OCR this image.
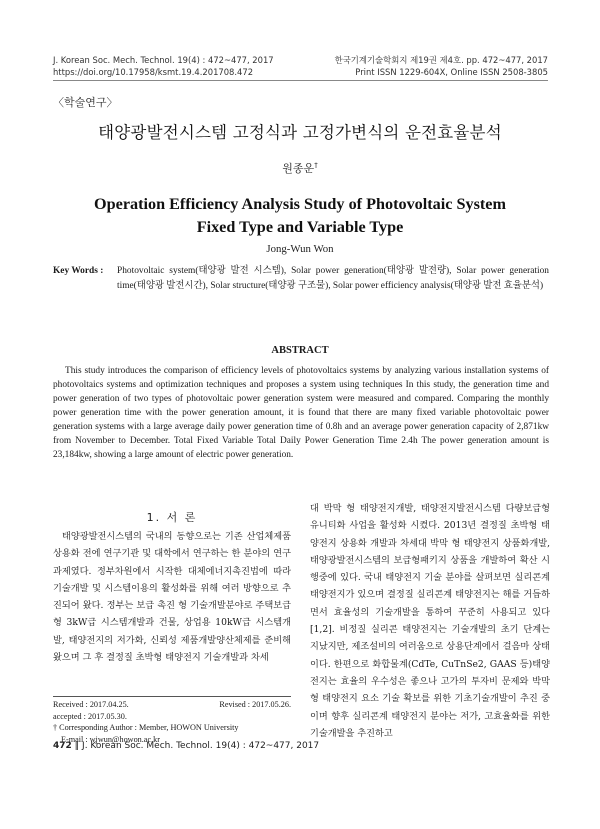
J. Korean Soc. Mech. Technol. 19(4) : 472~477, 2017
https://doi.org/10.17958/ksmt.19.4.201708.472
한국기계기술학회지 제19권 제4호. pp. 472~477, 2017
Print ISSN 1229-604X, Online ISSN 2508-3805
〈학술연구〉
태양광발전시스템 고정식과 고정가변식의 운전효율분석
원종운†
Operation Efficiency Analysis Study of Photovoltaic System
Fixed Type and Variable Type
Jong-Wun Won
Key Words : Photovoltaic system(태양광 발전 시스템), Solar power generation(태양광 발전량), Solar power generation time(태양광 발전시간), Solar structure(태양광 구조물), Solar power efficiency analysis(태양광 발전 효율분석)
ABSTRACT
This study introduces the comparison of efficiency levels of photovoltaics systems by analyzing various installation systems of photovoltaics systems and optimization techniques and proposes a system using techniques In this study, the generation time and power generation of two types of photovoltaic power generation system were measured and compared. Comparing the monthly power generation time with the power generation amount, it is found that there are many fixed variable photovoltaic power generation systems with a large average daily power generation time of 0.8h and an average power generation capacity of 2,871kw from November to December. Total Fixed Variable Total Daily Power Generation Time 2.4h The power generation amount is 23,184kw, showing a large amount of electric power generation.
1. 서 론
태양광발전시스템의 국내의 동향으로는 기존 산업체제품상용화 전에 연구기관 및 대학에서 연구하는 한 분야의 연구과제였다. 정부차원에서 시작한 대체에너지촉진법에 따라 기술개발 및 시스템이용의 활성화를 위해 여러 방향으로 추진되어 왔다. 정부는 보급 촉진 형 기술개발분야로 주택보급형 3kW급 시스템개발과 건물, 상업용 10kW급 시스템개발, 태양전지의 저가화, 신뢰성 제품개발양산체제를 준비해 왔으며 그 후 결정질 초박형 태양전지 기술개발과 차세
대 박막 형 태양전지개발, 태양전지발전시스템 다량보급형 유니티화 사업을 활성화 시켰다. 2013년 결정질 초박형 태양전지 상용화 개발과 차세대 박막 형 태양전지 상품화개발, 태양광발전시스템의 보급형패키지 상품을 개발하여 확산 시행중에 있다. 국내 태양전지 기술 분야를 살펴보면 실리콘계 태양전지가 있으며 결정질 실리콘계 태양전지는 해를 거듭하면서 효율성의 기술개발을 통하여 꾸준히 사용되고 있다[1,2]. 비정질 실리콘 태양전지는 기술개발의 초기 단계는 지났지만, 제조설비의 여러움으로 상용단계에서 걸음마 상태이다. 한편으로 화합물계(CdTe, CuTnSe2, GAAS 등)태양전지는 효율의 우수성은 좋으나 고가의 투자비 문제와 박막형 태양전지 요소 기술 확보를 위한 기초기술개발이 추진 중이며 향후 실리콘계 태양전지 분야는 저가, 고효율화를 위한 기술개발을 추진하고
Received : 2017.04.25.	Revised : 2017.05.26.
accepted : 2017.05.30.
† Corresponding Author : Member, HOWON University
E-mail : wjwun@howon.ac.kr
472 ‖ J. Korean Soc. Mech. Technol. 19(4) : 472~477, 2017
